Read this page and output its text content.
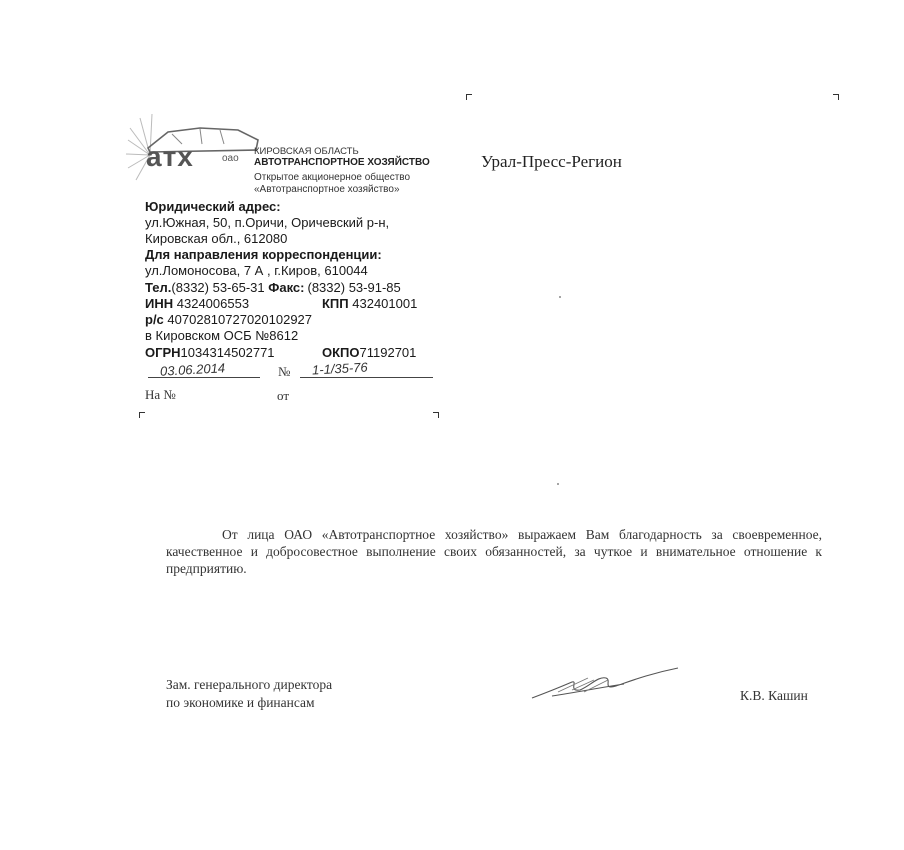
атх	оао
КИРОВСКАЯ ОБЛАСТЬ
АВТОТРАНСПОРТНОЕ ХОЗЯЙСТВО
Открытое акционерное общество
«Автотранспортное хозяйство»
Юридический адрес:
ул.Южная, 50, п.Оричи, Оричевский р-н,
Кировская обл., 612080
Для направления корреспонденции:
ул.Ломоносова, 7 А , г.Киров, 610044
Тел.(8332) 53-65-31 Факс: (8332) 53-91-85
ИНН 4324006553	КПП 432401001
р/с 40702810727020102927
в Кировском ОСБ №8612
ОГРН1034314502771	ОКПО71192701
03.06.2014	№ 1-1/35-76
На №	от
Урал-Пресс-Регион
От лица ОАО «Автотранспортное хозяйство» выражаем Вам благодарность за своевременное, качественное и добросовестное выполнение своих обязанностей, за чуткое и внимательное отношение к предприятию.
Зам. генерального директора
по экономике и финансам	К.В. Кашин
